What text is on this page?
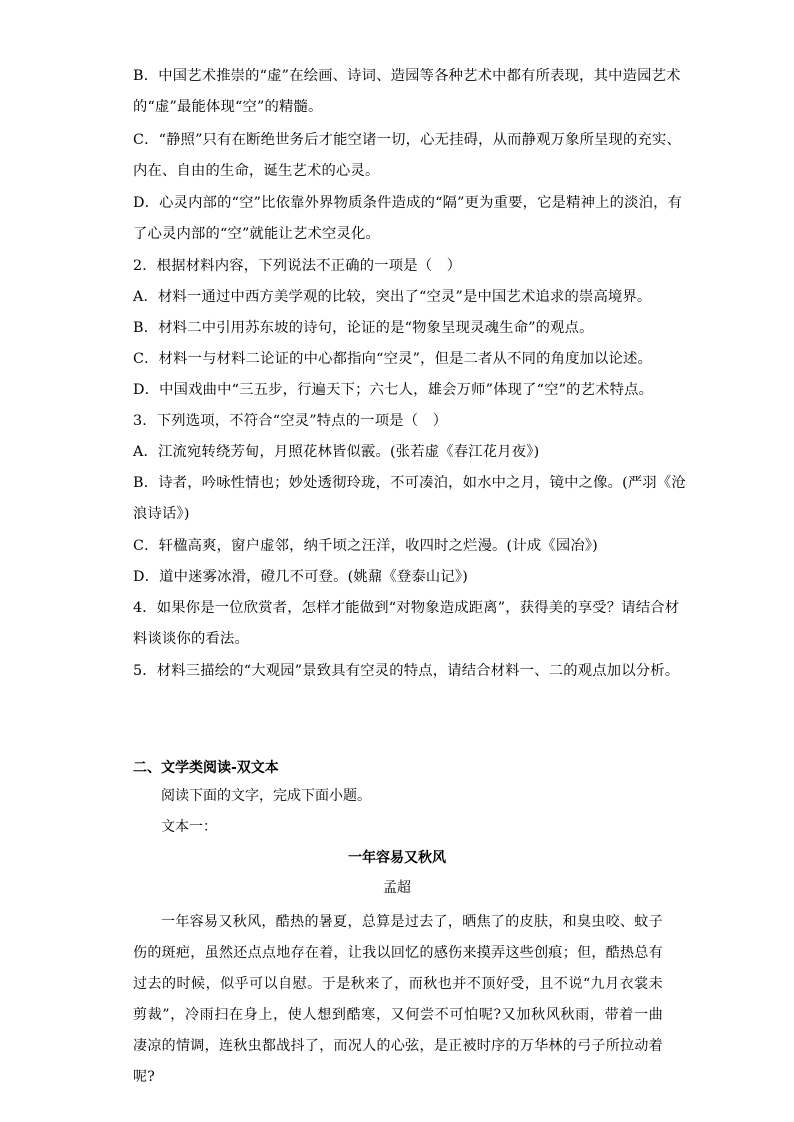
B．中国艺术推崇的“虚”在绘画、诗词、造园等各种艺术中都有所表现，其中造园艺术

的“虚”最能体现“空”的精髓。

C．“静照”只有在断绝世务后才能空诸一切，心无挂碍，从而静观万象所呈现的充实、

内在、自由的生命，诞生艺术的心灵。

D．心灵内部的“空”比依靠外界物质条件造成的“隔”更为重要，它是精神上的淡泊，有

了心灵内部的“空”就能让艺术空灵化。

2．根据材料内容，下列说法不正确的一项是（　）

A．材料一通过中西方美学观的比较，突出了“空灵”是中国艺术追求的崇高境界。

B．材料二中引用苏东坡的诗句，论证的是“物象呈现灵魂生命”的观点。

C．材料一与材料二论证的中心都指向“空灵”，但是二者从不同的角度加以论述。

D．中国戏曲中“三五步，行遍天下；六七人，雄会万师”体现了“空”的艺术特点。

3．下列选项，不符合“空灵”特点的一项是（　）

A．江流宛转绕芳甸，月照花林皆似霰。(张若虚《春江花月夜》)

B．诗者，吟咏性情也；妙处透彻玲珑，不可凑泊，如水中之月，镜中之像。(严羽《沧

浪诗话》)

C．轩楹高爽，窗户虚邻，纳千顷之汪洋，收四时之烂漫。(计成《园冶》)

D．道中迷雾冰滑，磴几不可登。(姚鼐《登泰山记》)

4．如果你是一位欣赏者，怎样才能做到“对物象造成距离”，获得美的享受？请结合材

料谈谈你的看法。

5．材料三描绘的“大观园”景致具有空灵的特点，请结合材料一、二的观点加以分析。

二、文学类阅读-双文本

阅读下面的文字，完成下面小题。

文本一：

一年容易又秋风

孟超

一年容易又秋风，酷热的暑夏，总算是过去了，晒焦了的皮肤，和臭虫咬、蚊子伤的斑疤，虽然还点点地存在着，让我以回忆的感伤来摸弄这些创痕；但，酷热总有过去的时候，似乎可以自慰。于是秋来了，而秋也并不顶好受，且不说“九月衣裳未剪裁”，冷雨扫在身上，使人想到酷寒，又何尝不可怕呢?又加秋风秋雨，带着一曲凄凉的情调，连秋虫都战抖了，而况人的心弦，是正被时序的万华林的弓子所拉动着呢?
